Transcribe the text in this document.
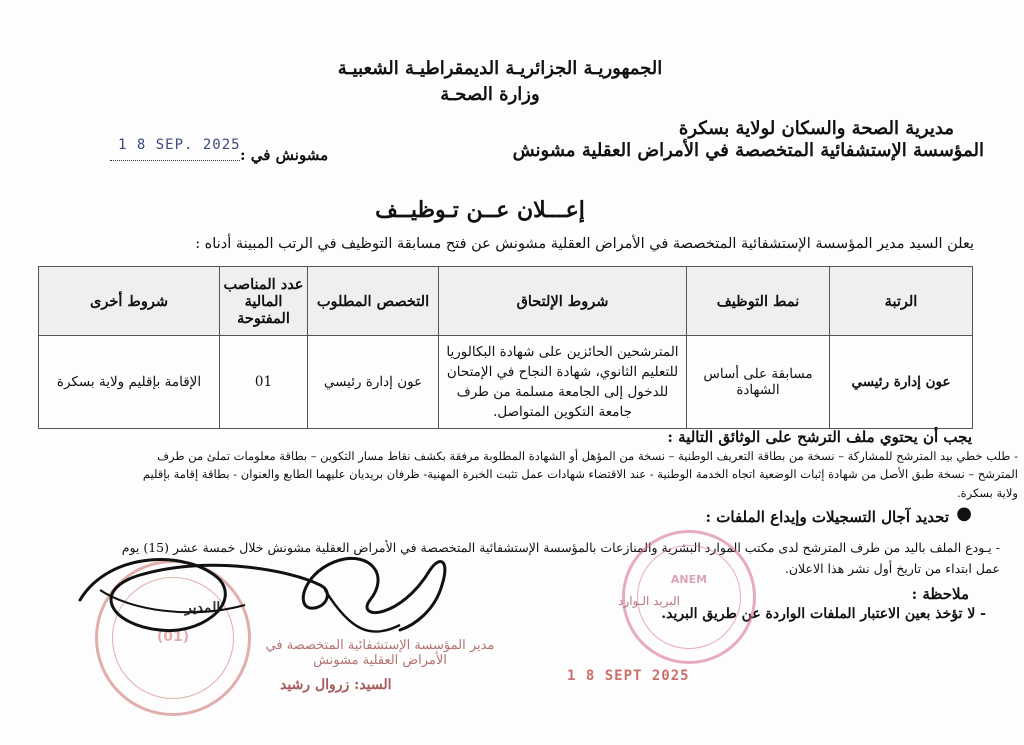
الجمهوريـة الجزائريـة الديمقراطيـة الشعبيـة
وزارة الصحـة
مديرية الصحة والسكان لولاية بسكرة
المؤسسة الإستشفائية المتخصصة في الأمراض العقلية مشونش
مشونش في :
1 8 SEP. 2025
إعـــلان عــن تـوظيــف
يعلن السيد مدير المؤسسة الإستشفائية المتخصصة في الأمراض العقلية مشونش عن فتح مسابقة التوظيف في الرتب المبينة أدناه :
الرتبة	نمط التوظيف	شروط الإلتحاق	التخصص المطلوب	عدد المناصب المالية المفتوحة	شروط أخرى
عون إدارة رئيسي	مسابقة على أساس الشهادة	المترشحين الحائزين على شهادة البكالوريا للتعليم الثانوي، شهادة النجاح في الإمتحان للدخول إلى الجامعة مسلمة من طرف جامعة التكوين المتواصل.	عون إدارة رئيسي	01	الإقامة بإقليم ولاية بسكرة
يجب أن يحتوي ملف الترشح على الوثائق التالية :
- طلب خطي بيد المترشح للمشاركة – نسخة من بطاقة التعريف الوطنية – نسخة من المؤهل أو الشهادة المطلوبة مرفقة بكشف نقاط مسار التكوين – بطاقة معلومات تملئ من طرف المترشح – نسخة طبق الأصل من شهادة إثبات الوضعية اتجاه الخدمة الوطنية - عند الاقتضاء شهادات عمل تثبت الخبرة المهنية- ظرفان بريديان عليهما الطابع والعنوان - بطاقة إقامة بإقليم ولاية بسكرة.
●
تحديد آجال التسجيلات وإيداع الملفات :
- يـودع الملف باليد من طرف المترشح لدى مكتب الموارد البشرية والمنازعات بالمؤسسة الإستشفائية المتخصصة في الأمراض العقلية مشونش خلال خمسة عشر (15) يوم عمل ابتداء من تاريخ أول نشر هذا الاعلان.
ملاحظة :
- لا تؤخذ بعين الاعتبار الملفات الواردة عن طريق البريد.
(01)
ANEM
مدير المؤسسة الإستشفائية المتخصصة في الأمراض العقلية مشونش
المدير
السيد: زروال رشيد
البريد الـوارد
1 8 SEPT 2025
